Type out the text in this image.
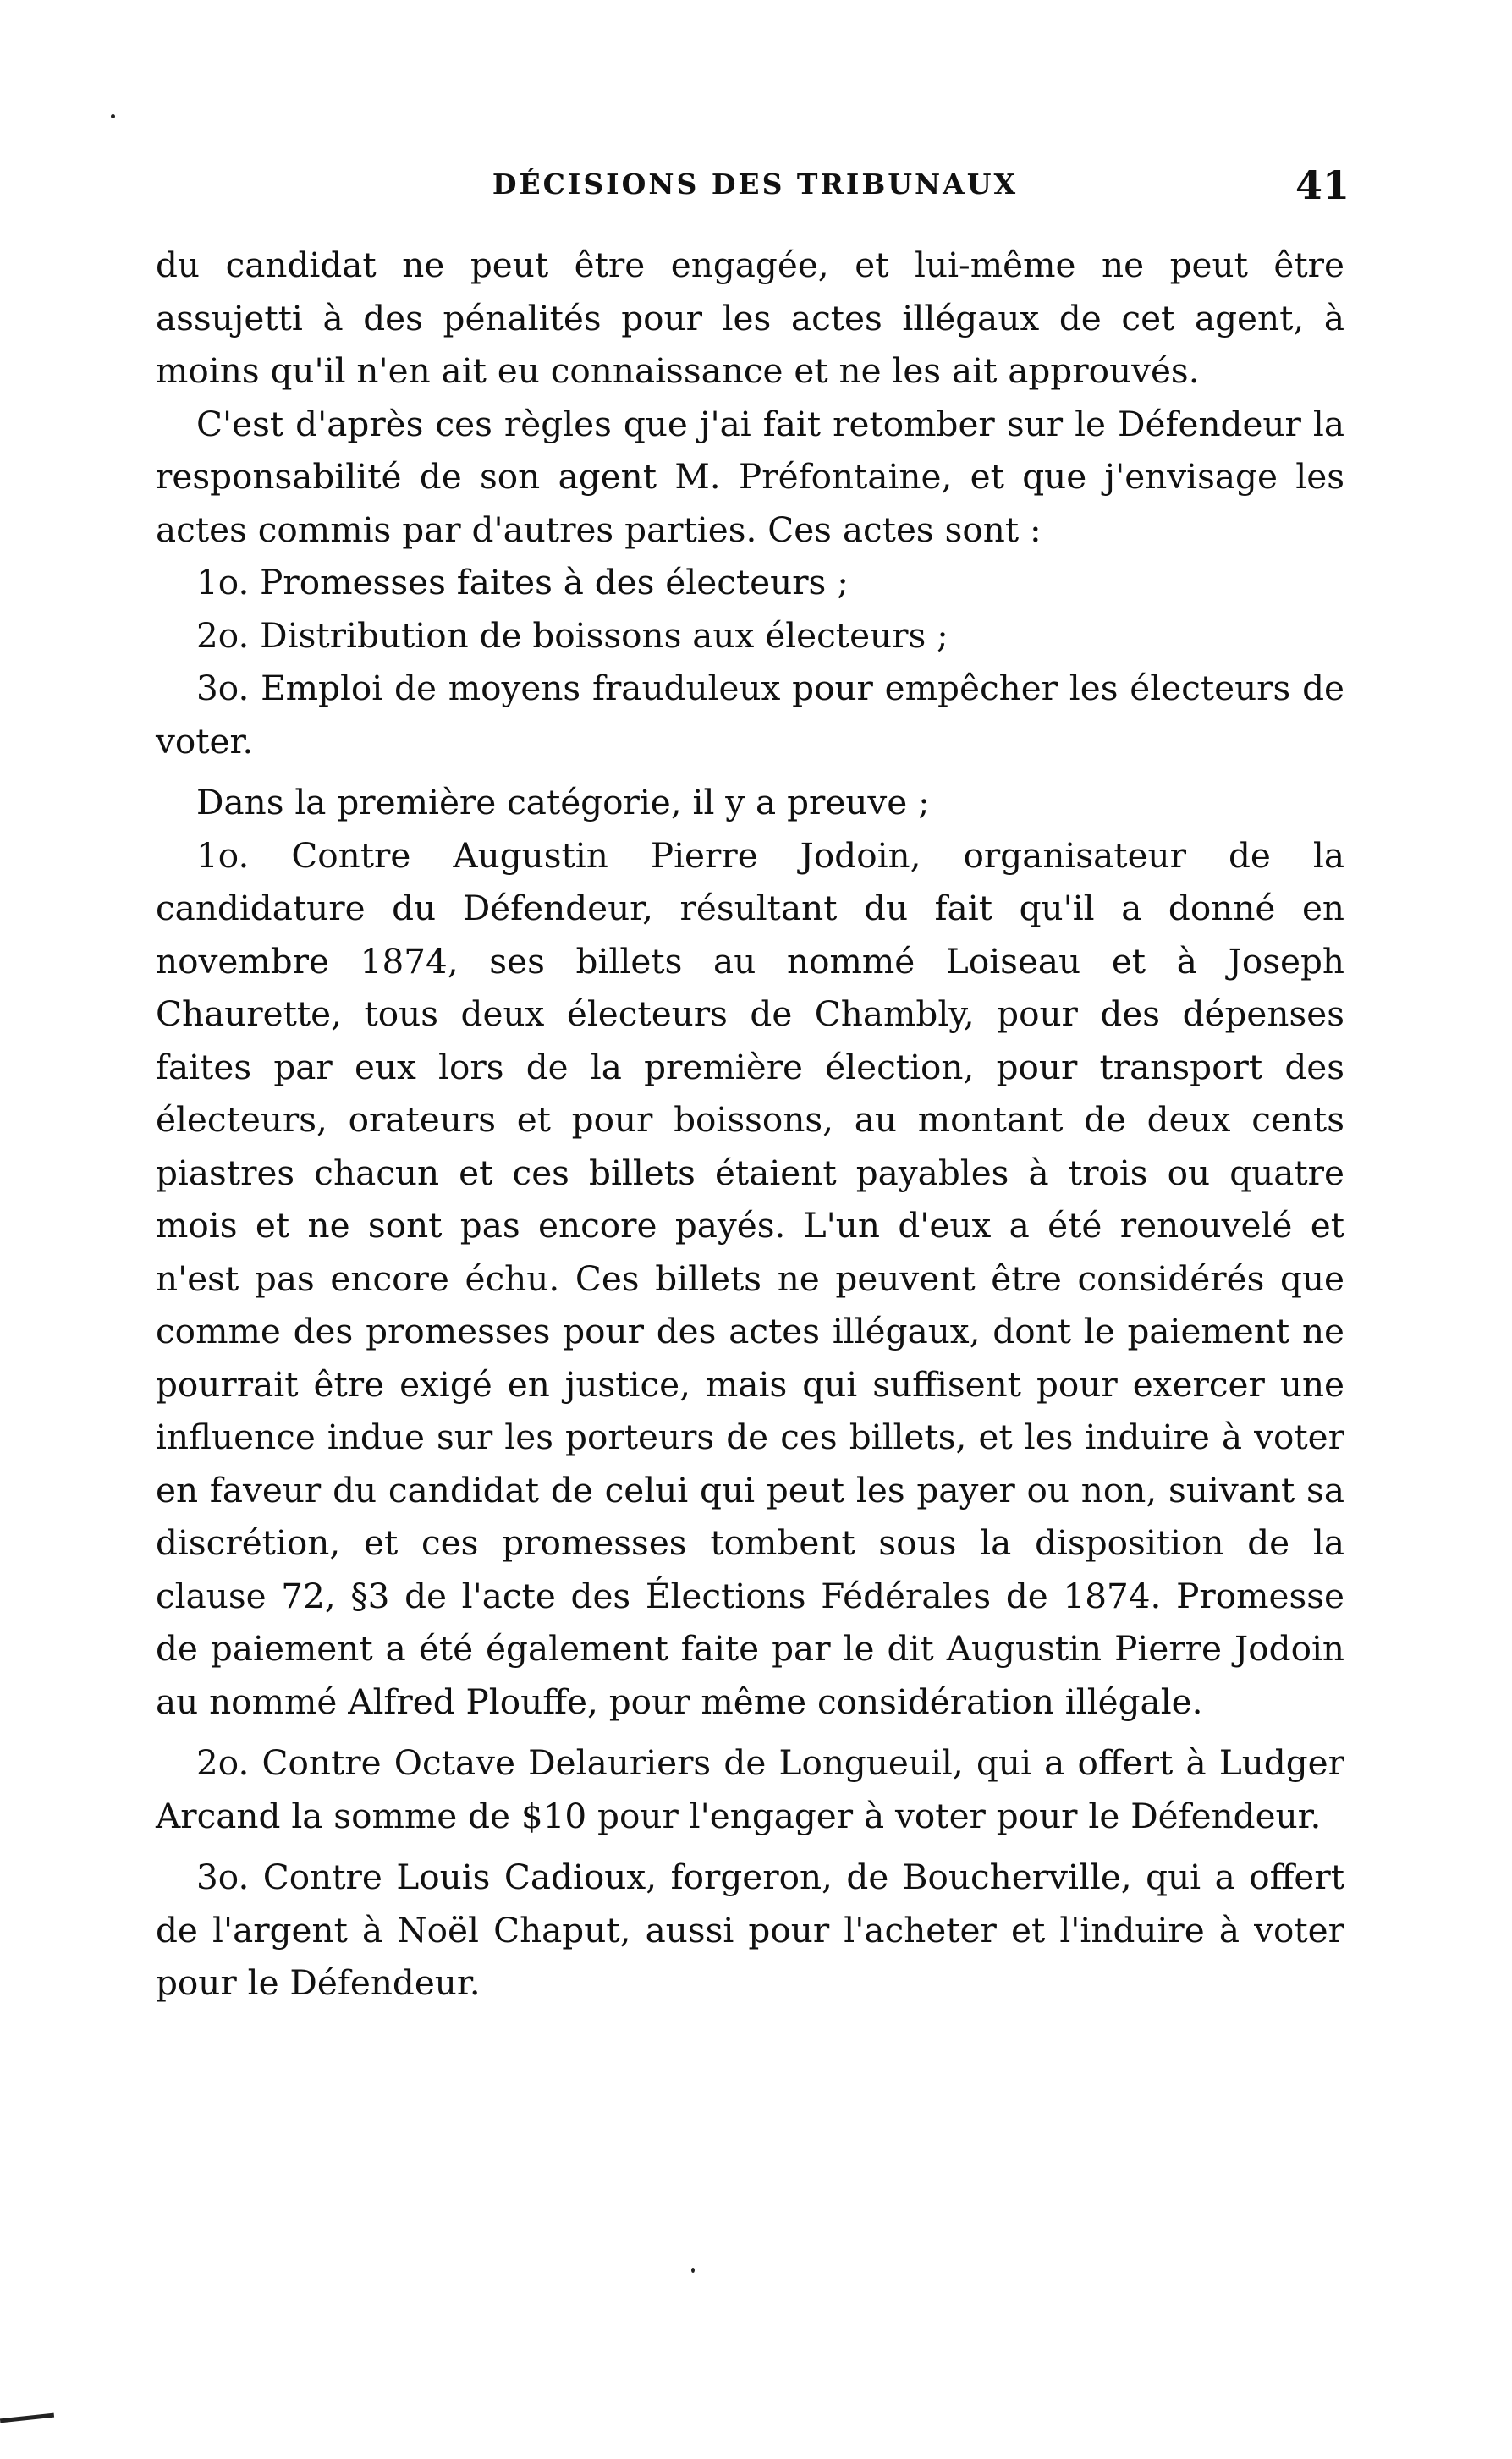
DÉCISIONS DES TRIBUNAUX	41

du candidat ne peut être engagée, et lui-même ne peut être assujetti à des pénalités pour les actes illégaux de cet agent, à moins qu'il n'en ait eu connaissance et ne les ait approuvés.

C'est d'après ces règles que j'ai fait retomber sur le Défendeur la responsabilité de son agent M. Préfontaine, et que j'envisage les actes commis par d'autres parties. Ces actes sont :

1o. Promesses faites à des électeurs ;

2o. Distribution de boissons aux électeurs ;

3o. Emploi de moyens frauduleux pour empêcher les électeurs de voter.

Dans la première catégorie, il y a preuve ;

1o. Contre Augustin Pierre Jodoin, organisateur de la candidature du Défendeur, résultant du fait qu'il a donné en novembre 1874, ses billets au nommé Loiseau et à Joseph Chaurette, tous deux électeurs de Chambly, pour des dépenses faites par eux lors de la première élection, pour transport des électeurs, orateurs et pour boissons, au montant de deux cents piastres chacun et ces billets étaient payables à trois ou quatre mois et ne sont pas encore payés. L'un d'eux a été renouvelé et n'est pas encore échu. Ces billets ne peuvent être considérés que comme des promesses pour des actes illégaux, dont le paiement ne pourrait être exigé en justice, mais qui suffisent pour exercer une influence indue sur les porteurs de ces billets, et les induire à voter en faveur du candidat de celui qui peut les payer ou non, suivant sa discrétion, et ces promesses tombent sous la disposition de la clause 72, §3 de l'acte des Élections Fédérales de 1874. Promesse de paiement a été également faite par le dit Augustin Pierre Jodoin au nommé Alfred Plouffe, pour même considération illégale.

2o. Contre Octave Delauriers de Longueuil, qui a offert à Ludger Arcand la somme de $10 pour l'engager à voter pour le Défendeur.

3o. Contre Louis Cadioux, forgeron, de Boucherville, qui a offert de l'argent à Noël Chaput, aussi pour l'acheter et l'induire à voter pour le Défendeur.
